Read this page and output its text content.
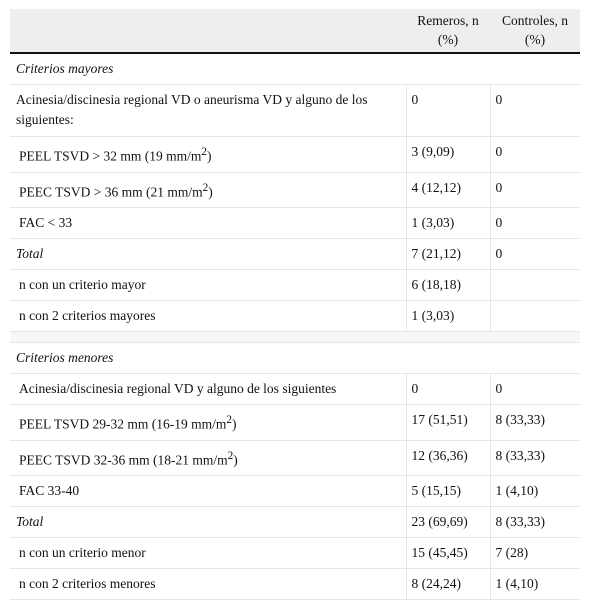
	Remeros, n (%)	Controles, n (%)
Criterios mayores		
Acinesia/discinesia regional VD o aneurisma VD y alguno de los siguientes:	0	0
PEEL TSVD > 32 mm (19 $mm/m^2$)	3 (9,09)	0
PEEC TSVD > 36 mm (21 $mm/m^2$)	4 (12,12)	0
FAC < 33	1 (3,03)	0
Total	7 (21,12)	0
n con un criterio mayor	6 (18,18)	
n con 2 criterios mayores	1 (3,03)	

Criterios menores		
Acinesia/discinesia regional VD y alguno de los siguientes	0	0
PEEL TSVD 29-32 mm (16-19 $mm/m^2$)	17 (51,51)	8 (33,33)
PEEC TSVD 32-36 mm (18-21 $mm/m^2$)	12 (36,36)	8 (33,33)
FAC 33-40	5 (15,15)	1 (4,10)
Total	23 (69,69)	8 (33,33)
n con un criterio menor	15 (45,45)	7 (28)
n con 2 criterios menores	8 (24,24)	1 (4,10)
